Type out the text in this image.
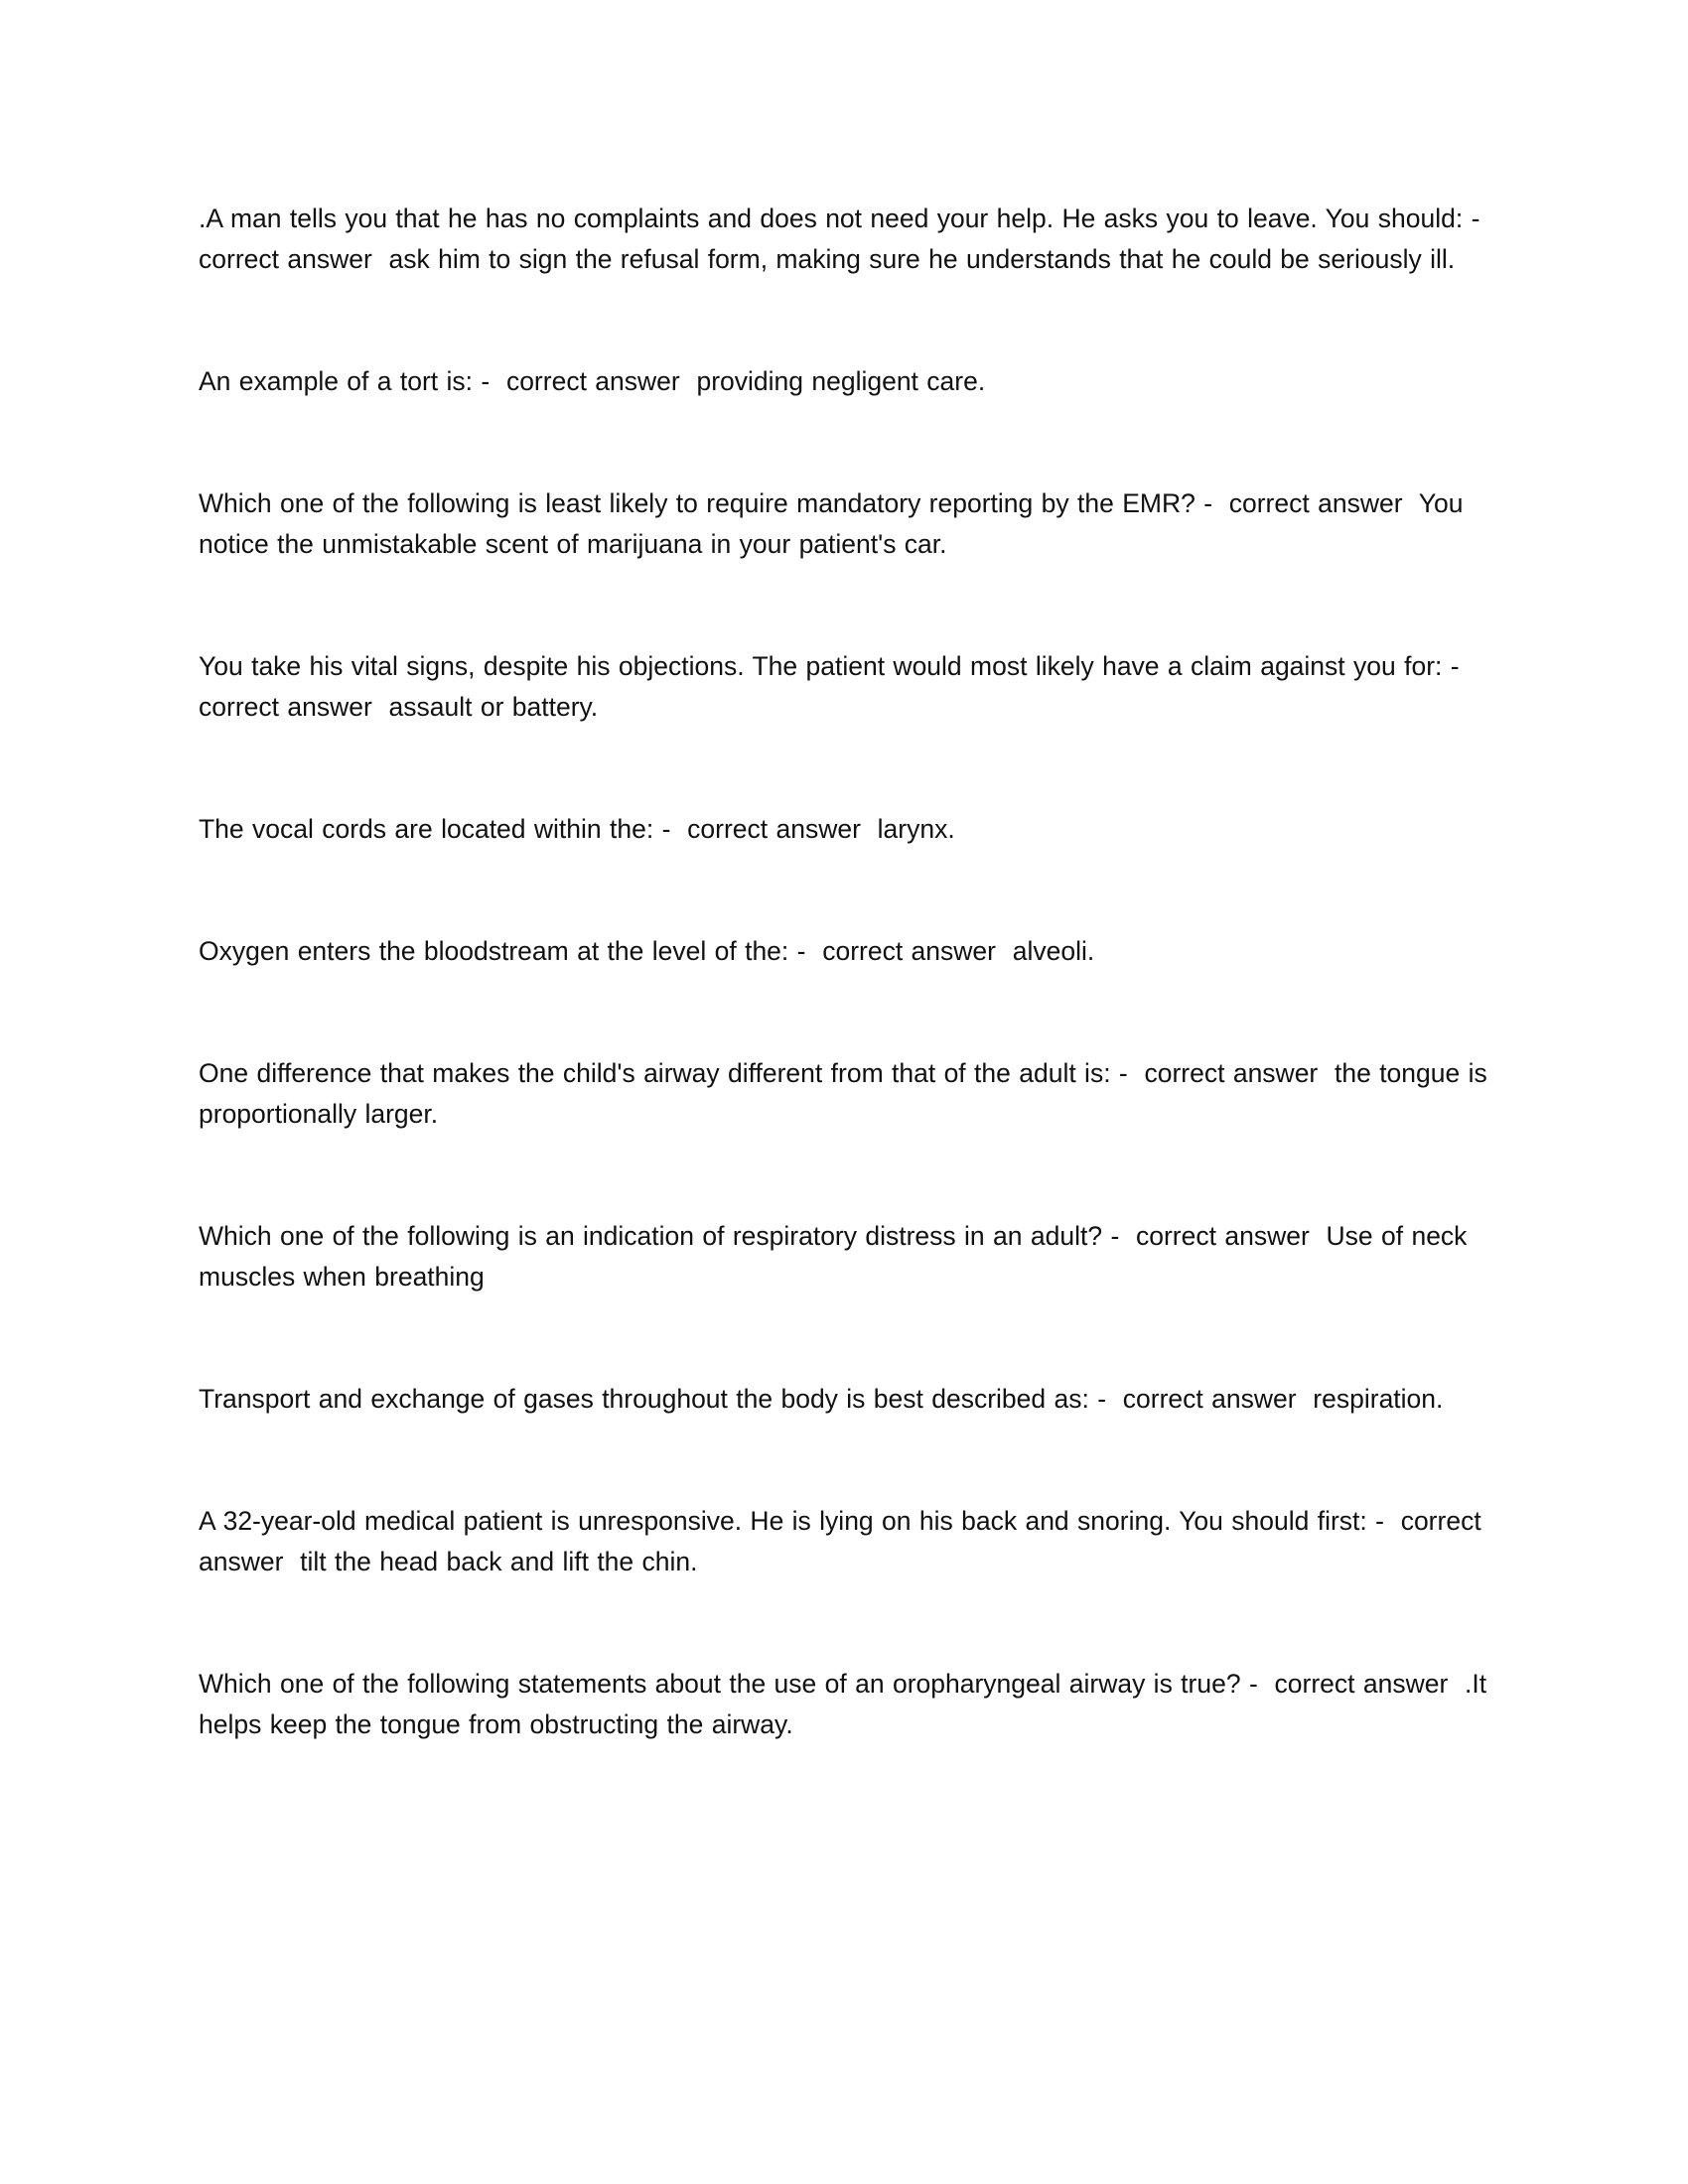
.A man tells you that he has no complaints and does not need your help. He asks you to leave. You should: -  correct answer  ask him to sign the refusal form, making sure he understands that he could be seriously ill.

An example of a tort is: -  correct answer  providing negligent care.

Which one of the following is least likely to require mandatory reporting by the EMR? -  correct answer  You notice the unmistakable scent of marijuana in your patient's car.

You take his vital signs, despite his objections. The patient would most likely have a claim against you for: -  correct answer  assault or battery.

The vocal cords are located within the: -  correct answer  larynx.

Oxygen enters the bloodstream at the level of the: -  correct answer  alveoli.

One difference that makes the child's airway different from that of the adult is: -  correct answer  the tongue is proportionally larger.

Which one of the following is an indication of respiratory distress in an adult? -  correct answer  Use of neck muscles when breathing

Transport and exchange of gases throughout the body is best described as: -  correct answer  respiration.

A 32-year-old medical patient is unresponsive. He is lying on his back and snoring. You should first: -  correct answer  tilt the head back and lift the chin.

Which one of the following statements about the use of an oropharyngeal airway is true? -  correct answer  .It helps keep the tongue from obstructing the airway.
